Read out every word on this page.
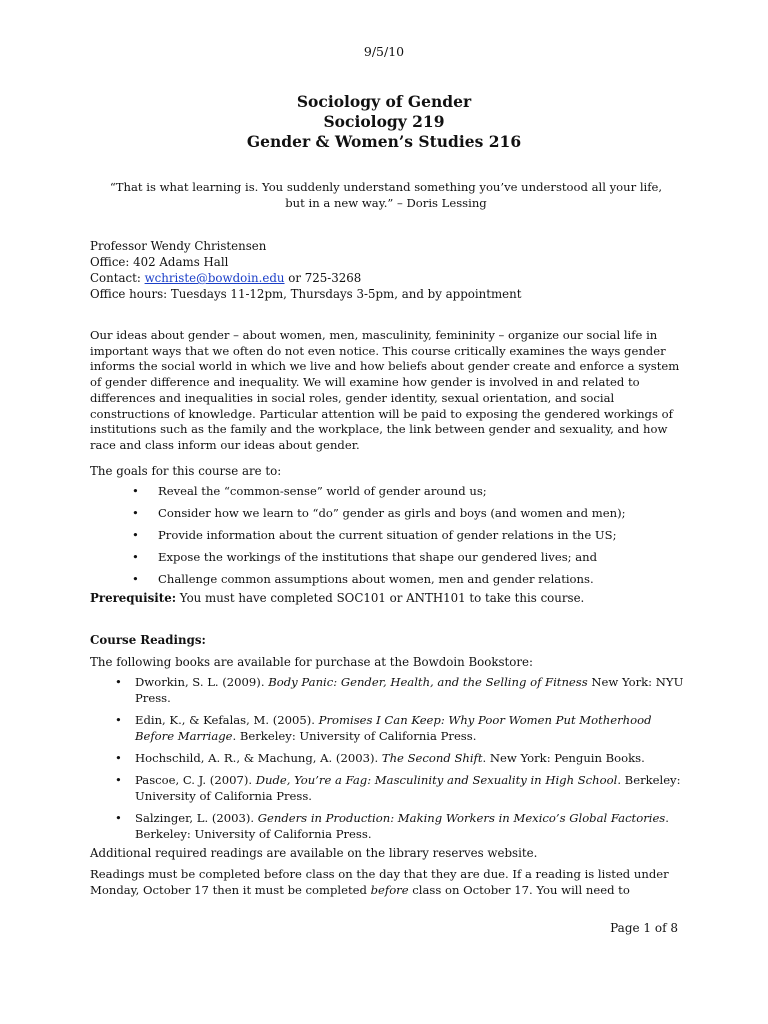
9/5/10
Sociology of Gender
Sociology 219
Gender & Women’s Studies 216
“That is what learning is. You suddenly understand something you’ve understood all your life,
but in a new way.” – Doris Lessing
Professor Wendy Christensen
Office: 402 Adams Hall
Contact: wchriste@bowdoin.edu or 725-3268
Office hours: Tuesdays 11-12pm, Thursdays 3-5pm, and by appointment
Our ideas about gender – about women, men, masculinity, femininity – organize our social life in important ways that we often do not even notice. This course critically examines the ways gender informs the social world in which we live and how beliefs about gender create and enforce a system of gender difference and inequality. We will examine how gender is involved in and related to differences and inequalities in social roles, gender identity, sexual orientation, and social constructions of knowledge. Particular attention will be paid to exposing the gendered workings of institutions such as the family and the workplace, the link between gender and sexuality, and how race and class inform our ideas about gender.
The goals for this course are to:
• Reveal the “common-sense” world of gender around us;
• Consider how we learn to “do” gender as girls and boys (and women and men);
• Provide information about the current situation of gender relations in the US;
• Expose the workings of the institutions that shape our gendered lives; and
• Challenge common assumptions about women, men and gender relations.
Prerequisite: You must have completed SOC101 or ANTH101 to take this course.
Course Readings:
The following books are available for purchase at the Bowdoin Bookstore:
• Dworkin, S. L. (2009). Body Panic: Gender, Health, and the Selling of Fitness New York: NYU Press.
• Edin, K., & Kefalas, M. (2005). Promises I Can Keep: Why Poor Women Put Motherhood Before Marriage. Berkeley: University of California Press.
• Hochschild, A. R., & Machung, A. (2003). The Second Shift. New York: Penguin Books.
• Pascoe, C. J. (2007). Dude, You’re a Fag: Masculinity and Sexuality in High School. Berkeley: University of California Press.
• Salzinger, L. (2003). Genders in Production: Making Workers in Mexico’s Global Factories. Berkeley: University of California Press.
Additional required readings are available on the library reserves website.
Readings must be completed before class on the day that they are due. If a reading is listed under
Monday, October 17 then it must be completed before class on October 17. You will need to
Page 1 of 8
